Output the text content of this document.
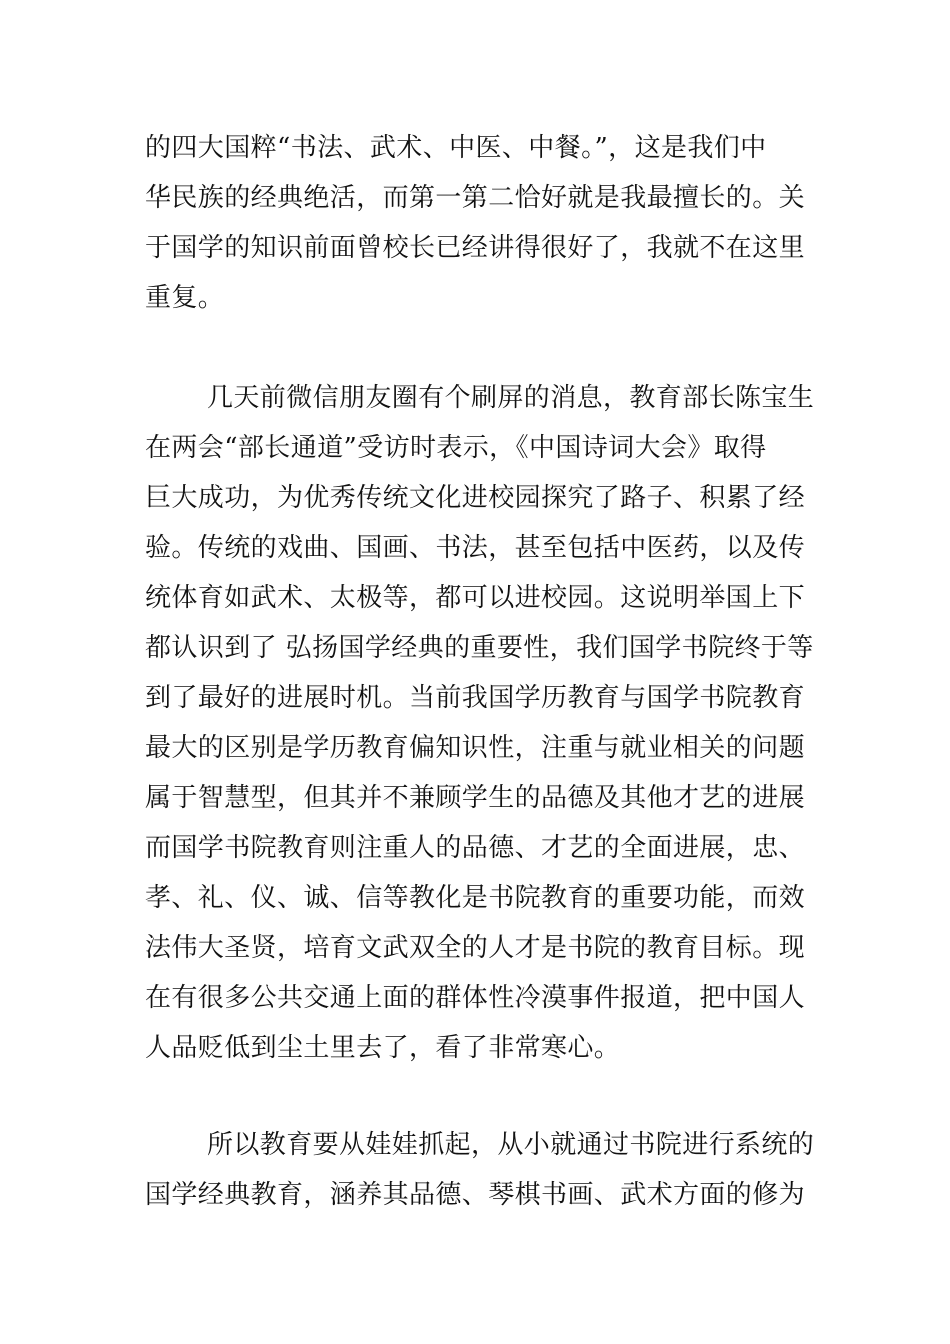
的四大国粹“书法、武术、中医、中餐。”，这是我们中
华民族的经典绝活，而第一第二恰好就是我最擅长的。关
于国学的知识前面曾校长已经讲得很好了，我就不在这里
重复。
几天前微信朋友圈有个刷屏的消息，教育部长陈宝生
在两会“部长通道”受访时表示，《中国诗词大会》取得
巨大成功，为优秀传统文化进校园探究了路子、积累了经
验。传统的戏曲、国画、书法，甚至包括中医药，以及传
统体育如武术、太极等，都可以进校园。这说明举国上下
都认识到了 弘扬国学经典的重要性，我们国学书院终于等
到了最好的进展时机。当前我国学历教育与国学书院教育
最大的区别是学历教育偏知识性，注重与就业相关的问题
属于智慧型，但其并不兼顾学生的品德及其他才艺的进展
而国学书院教育则注重人的品德、才艺的全面进展，忠、
孝、礼、仪、诚、信等教化是书院教育的重要功能，而效
法伟大圣贤，培育文武双全的人才是书院的教育目标。现
在有很多公共交通上面的群体性冷漠事件报道，把中国人
人品贬低到尘土里去了，看了非常寒心。
所以教育要从娃娃抓起，从小就通过书院进行系统的
国学经典教育，涵养其品德、琴棋书画、武术方面的修为
